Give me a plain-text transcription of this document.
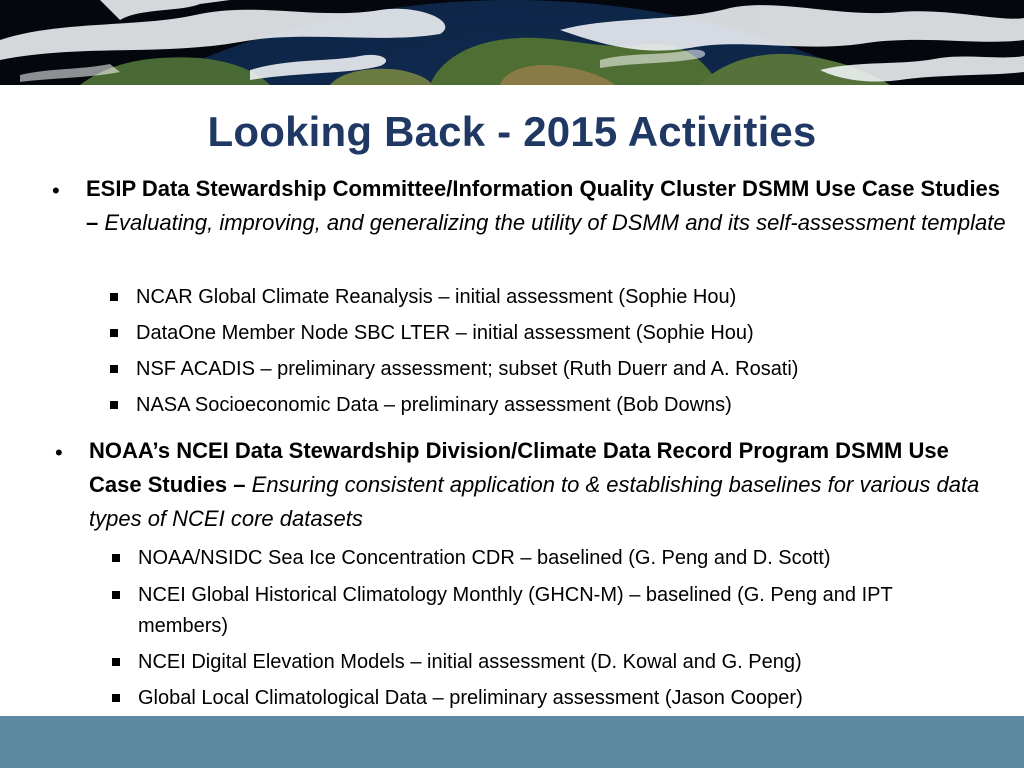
Looking Back - 2015 Activities
• ESIP Data Stewardship Committee/Information Quality Cluster DSMM Use Case Studies – Evaluating, improving, and generalizing the utility of DSMM and its self-assessment template
NCAR Global Climate Reanalysis – initial assessment (Sophie Hou)
DataOne Member Node SBC LTER – initial assessment (Sophie Hou)
NSF ACADIS – preliminary assessment; subset (Ruth Duerr and A. Rosati)
NASA Socioeconomic Data – preliminary assessment (Bob Downs)
• NOAA’s NCEI Data Stewardship Division/Climate Data Record Program DSMM Use Case Studies – Ensuring consistent application to & establishing baselines for various data types of NCEI core datasets
NOAA/NSIDC Sea Ice Concentration CDR – baselined (G. Peng and D. Scott)
NCEI Global Historical Climatology Monthly (GHCN-M) – baselined (G. Peng and IPT members)
NCEI Digital Elevation Models – initial assessment (D. Kowal and G. Peng)
Global Local Climatological Data – preliminary assessment (Jason Cooper)
